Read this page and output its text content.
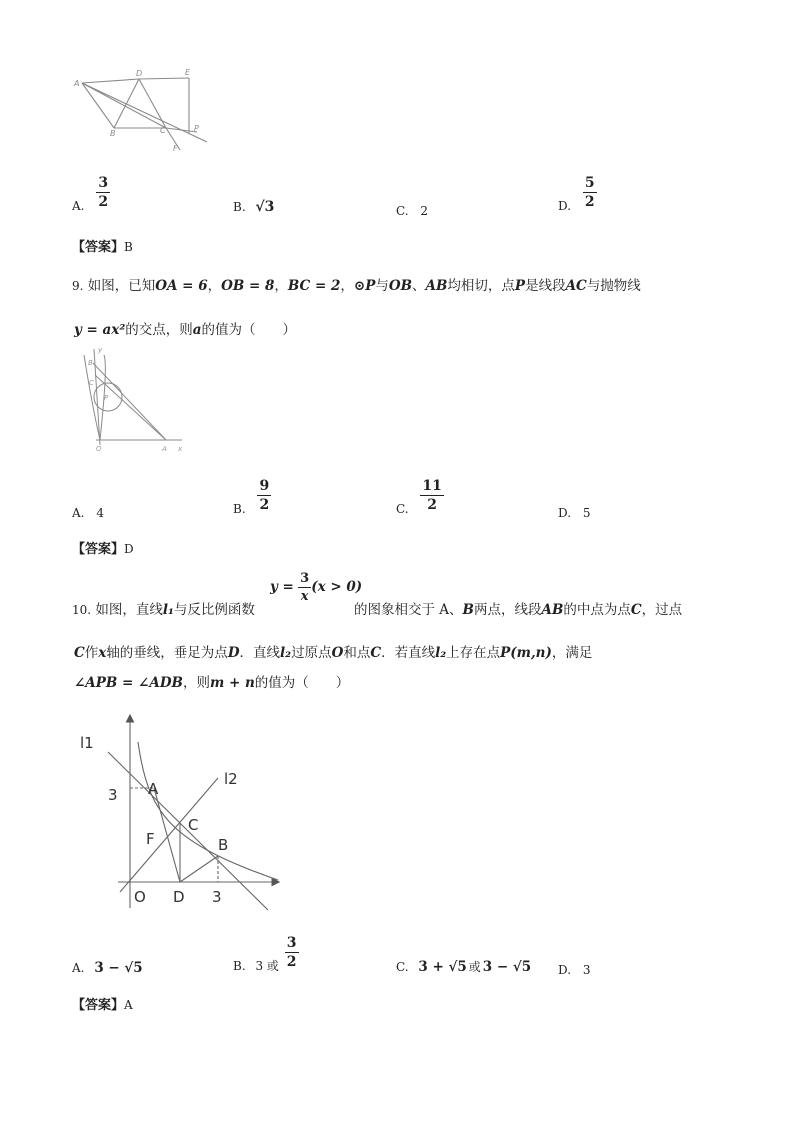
A
D	E
B	C	P
F
A. $\frac{3}{2}$	B. √3	C. 2	D. $\frac{5}{2}$
【答案】B
9. 如图，已知OA = 6，OB = 8，BC = 2，⊙P与OB、AB均相切，点P是线段AC与抛物线
y = ax²的交点，则a的值为（　　）
y
B
C
P
O	A x
A. 4	B. $\frac{9}{2}$	C. $\frac{11}{2}$
D. 5
【答案】D
10. 如图，直线l₁与反比例函数
$y = \frac{3}{x} (x > 0)$
的图象相交于 A、B两点，线段AB的中点为点C，过点
C作x轴的垂线，垂足为点D．直线l₂过原点O和点C．若直线l₂上存在点P(m,n)，满足
∠APB = ∠ADB，则m + n的值为（　　）
l1
l2
3 A
C
F	B
O D 3
A. 3 − √5	B. 3 或 $\frac{3}{2}$	C. 3 + √5 或 3 − √5 D. 3
【答案】A
